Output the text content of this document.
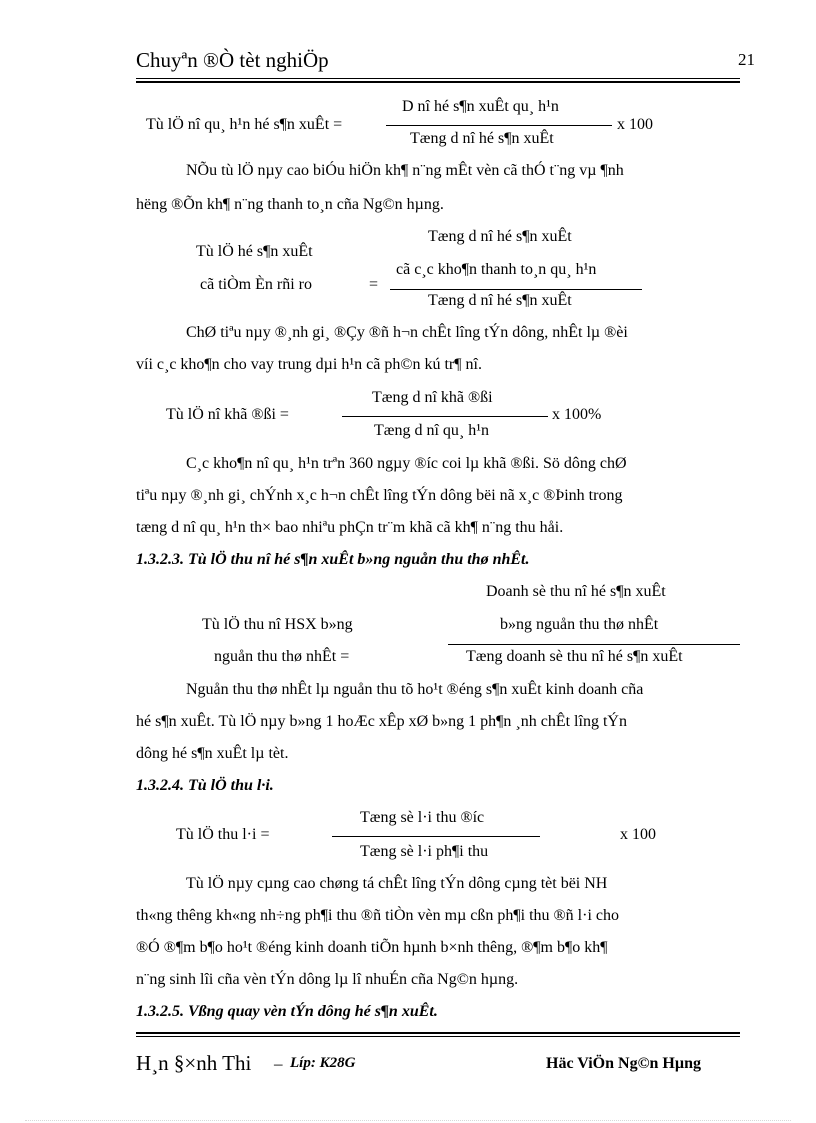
Chuyªn ®Ò tèt nghiÖp	21
Tù lÖ nî qu¸ h¹n hé s¶n xuÊt =
D nî hé s¶n xuÊt qu¸ h¹n
Tæng d nî hé s¶n xuÊt
x 100
NÕu tù lÖ nµy cao biÓu hiÖn kh¶ n¨ng mÊt vèn cã thÓ t¨ng vµ ¶nh
hëng ®Õn kh¶ n¨ng thanh to¸n cña Ng©n hµng.
Tæng d nî hé s¶n xuÊt
Tù lÖ hé s¶n xuÊt
cã c¸c kho¶n thanh to¸n qu¸ h¹n
cã tiÒm Èn rñi ro	=
Tæng d nî hé s¶n xuÊt
ChØ tiªu nµy ®¸nh gi¸ ®Çy ®ñ h¬n chÊt lîng tÝn dông, nhÊt lµ ®èi
víi c¸c kho¶n cho vay trung dµi h¹n cã ph©n kú tr¶ nî.
Tæng d nî khã ®ßi
Tù lÖ nî khã ®ßi =	x 100%
Tæng d nî qu¸ h¹n
C¸c kho¶n nî qu¸ h¹n trªn 360 ngµy ®íc coi lµ khã ®ßi. Sö dông chØ
tiªu nµy ®¸nh gi¸ chÝnh x¸c h¬n chÊt lîng tÝn dông bëi nã x¸c ®Þinh trong
tæng d nî qu¸ h¹n th× bao nhiªu phÇn tr¨m khã cã kh¶ n¨ng thu håi.
1.3.2.3. Tù lÖ thu nî hé s¶n xuÊt b»ng nguån thu thø nhÊt.
Doanh sè thu nî hé s¶n xuÊt
Tù lÖ thu nî HSX b»ng	b»ng nguån thu thø nhÊt
nguån thu thø nhÊt =	Tæng doanh sè thu nî hé s¶n xuÊt
Nguån thu thø nhÊt lµ nguån thu tõ ho¹t ®éng s¶n xuÊt kinh doanh cña
hé s¶n xuÊt. Tù lÖ nµy b»ng 1 hoÆc xÊp xØ b»ng 1 ph¶n ¸nh chÊt lîng tÝn
dông hé s¶n xuÊt lµ tèt.
1.3.2.4. Tù lÖ thu l·i.
Tæng sè l·i thu ®íc
Tù lÖ thu l·i =	x 100
Tæng sè l·i ph¶i thu
Tù lÖ nµy cµng cao chøng tá chÊt lîng tÝn dông cµng tèt bëi NH
th«ng thêng kh«ng nh÷ng ph¶i thu ®ñ tiÒn vèn mµ cßn ph¶i thu ®ñ l·i cho
®Ó ®¶m b¶o ho¹t ®éng kinh doanh tiÕn hµnh b×nh thêng, ®¶m b¶o kh¶
n¨ng sinh lîi cña vèn tÝn dông lµ lî nhuÉn cña Ng©n hµng.
1.3.2.5. Vßng quay vèn tÝn dông hé s¶n xuÊt.
H¸n §×nh Thi – Líp: K28G	Häc ViÖn Ng©n Hµng
